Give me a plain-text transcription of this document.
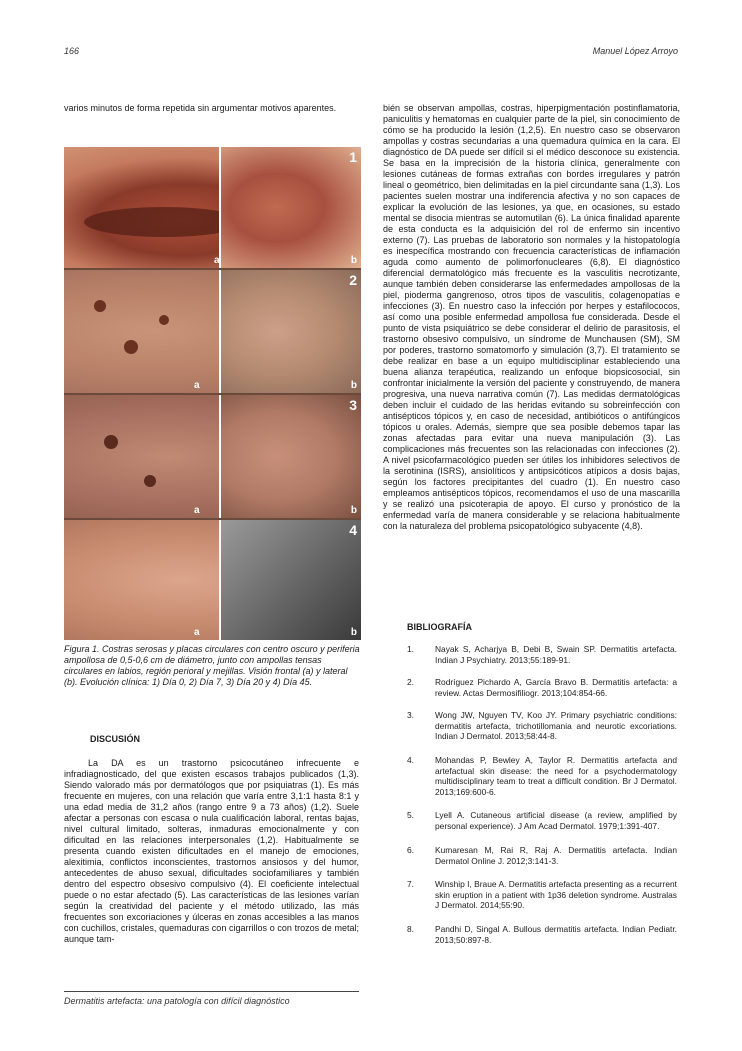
166	Manuel López Arroyo
varios minutos de forma repetida sin argumentar motivos aparentes.
1
a	b
2
a	b
3
a	b
4
a	b
Figura 1. Costras serosas y placas circulares con centro oscuro y periferia ampollosa de 0,5-0,6 cm de diámetro, junto con ampollas tensas circulares en labios, región perioral y mejillas. Visión frontal (a) y lateral (b). Evolución clínica: 1) Día 0, 2) Día 7, 3) Día 20 y 4) Día 45.
DISCUSIÓN
La DA es un trastorno psicocutáneo infrecuente e infradiagnosticado, del que existen escasos trabajos publicados (1,3). Siendo valorado más por dermatólogos que por psiquiatras (1). Es más frecuente en mujeres, con una relación que varía entre 3,1:1 hasta 8:1 y una edad media de 31,2 años (rango entre 9 a 73 años) (1,2). Suele afectar a personas con escasa o nula cualificación laboral, rentas bajas, nivel cultural limitado, solteras, inmaduras emocionalmente y con dificultad en las relaciones interpersonales (1,2). Habitualmente se presenta cuando existen dificultades en el manejo de emociones, alexitimia, conflictos inconscientes, trastornos ansiosos y del humor, antecedentes de abuso sexual, dificultades sociofamiliares y también dentro del espectro obsesivo compulsivo (4). El coeficiente intelectual puede o no estar afectado (5). Las características de las lesiones varían según la creatividad del paciente y el método utilizado, las más frecuentes son excoriaciones y úlceras en zonas accesibles a las manos con cuchillos, cristales, quemaduras con cigarrillos o con trozos de metal; aunque tam-
bién se observan ampollas, costras, hiperpigmentación postinflamatoria, paniculitis y hematomas en cualquier parte de la piel, sin conocimiento de cómo se ha producido la lesión (1,2,5). En nuestro caso se observaron ampollas y costras secundarias a una quemadura química en la cara. El diagnóstico de DA puede ser difícil si el médico desconoce su existencia. Se basa en la imprecisión de la historia clínica, generalmente con lesiones cutáneas de formas extrañas con bordes irregulares y patrón lineal o geométrico, bien delimitadas en la piel circundante sana (1,3). Los pacientes suelen mostrar una indiferencia afectiva y no son capaces de explicar la evolución de las lesiones, ya que, en ocasiones, su estado mental se disocia mientras se automutilan (6). La única finalidad aparente de esta conducta es la adquisición del rol de enfermo sin incentivo externo (7). Las pruebas de laboratorio son normales y la histopatología es inespecífica mostrando con frecuencia características de inflamación aguda como aumento de polimorfonucleares (6,8). El diagnóstico diferencial dermatológico más frecuente es la vasculitis necrotizante, aunque también deben considerarse las enfermedades ampollosas de la piel, pioderma gangrenoso, otros tipos de vasculitis, colagenopatías e infecciones (3). En nuestro caso la infección por herpes y estafilococos, así como una posible enfermedad ampollosa fue considerada. Desde el punto de vista psiquiátrico se debe considerar el delirio de parasitosis, el trastorno obsesivo compulsivo, un síndrome de Munchausen (SM), SM por poderes, trastorno somatomorfo y simulación (3,7). El tratamiento se debe realizar en base a un equipo multidisciplinar estableciendo una buena alianza terapéutica, realizando un enfoque biopsicosocial, sin confrontar inicialmente la versión del paciente y construyendo, de manera progresiva, una nueva narrativa común (7). Las medidas dermatológicas deben incluir el cuidado de las heridas evitando su sobreinfección con antisépticos tópicos y, en caso de necesidad, antibióticos o antifúngicos tópicos u orales. Además, siempre que sea posible debemos tapar las zonas afectadas para evitar una nueva manipulación (3). Las complicaciones más frecuentes son las relacionadas con infecciones (2). A nivel psicofarmacológico pueden ser útiles los inhibidores selectivos de la serotinina (ISRS), ansiolíticos y antipsicóticos atípicos a dosis bajas, según los factores precipitantes del cuadro (1). En nuestro caso empleamos antisépticos tópicos, recomendamos el uso de una mascarilla y se realizó una psicoterapia de apoyo. El curso y pronóstico de la enfermedad varía de manera considerable y se relaciona habitualmente con la naturaleza del problema psicopatológico subyacente (4,8).
BIBLIOGRAFÍA
1.	Nayak S, Acharjya B, Debi B, Swain SP. Dermatitis artefacta. Indian J Psychiatry. 2013;55:189-91.
2.	Rodríguez Pichardo A, García Bravo B. Dermatitis artefacta: a review. Actas Dermosifiliogr. 2013;104:854-66.
3.	Wong JW, Nguyen TV, Koo JY. Primary psychiatric conditions: dermatitis artefacta, trichotillomania and neurotic excoriations. Indian J Dermatol. 2013;58:44-8.
4.	Mohandas P, Bewley A, Taylor R. Dermatitis artefacta and artefactual skin disease: the need for a psychodermatology multidisciplinary team to treat a difficult condition. Br J Dermatol. 2013;169:600-6.
5.	Lyell A. Cutaneous artificial disease (a review, amplified by personal experience). J Am Acad Dermatol. 1979;1:391-407.
6.	Kumaresan M, Rai R, Raj A. Dermatitis artefacta. Indian Dermatol Online J. 2012;3:141-3.
7.	Winship I, Braue A. Dermatitis artefacta presenting as a recurrent skin eruption in a patient with 1p36 deletion syndrome. Australas J Dermatol. 2014;55:90.
8.	Pandhi D, Singal A. Bullous dermatitis artefacta. Indian Pediatr. 2013;50:897-8.
Dermatitis artefacta: una patología con difícil diagnóstico
